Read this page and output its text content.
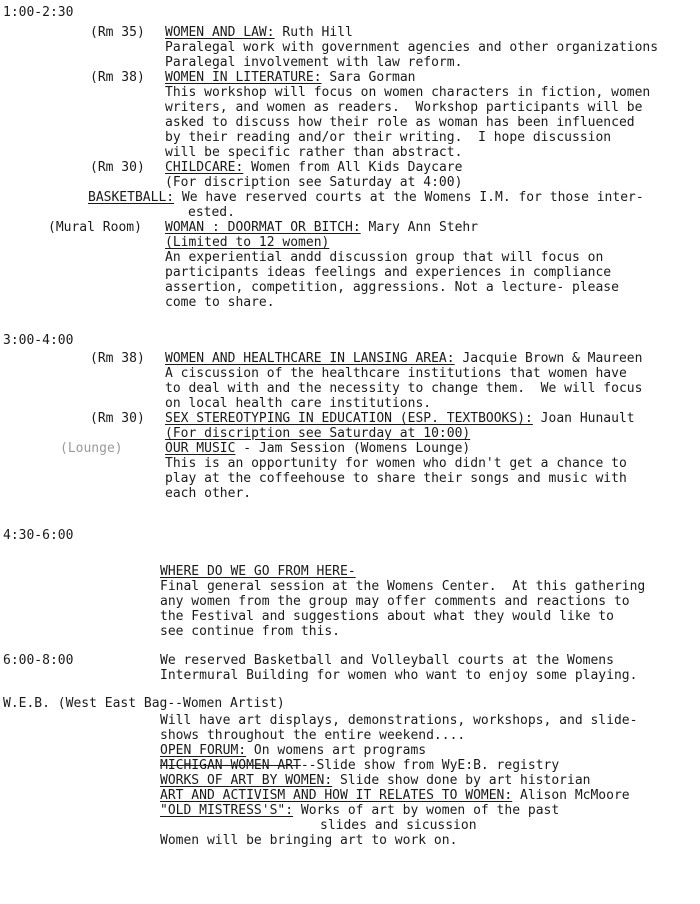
1:00-2:30
(Rm 35) WOMEN AND LAW: Ruth Hill
Paralegal work with government agencies and other organizations
Paralegal involvement with law reform.
(Rm 38) WOMEN IN LITERATURE: Sara Gorman
This workshop will focus on women characters in fiction, women
writers, and women as readers.  Workshop participants will be
asked to discuss how their role as woman has been influenced
by their reading and/or their writing.  I hope discussion
will be specific rather than abstract.
(Rm 30) CHILDCARE: Women from All Kids Daycare
(For discription see Saturday at 4:00)
BASKETBALL: We have reserved courts at the Womens I.M. for those inter-
ested.
(Mural Room) WOMAN : DOORMAT OR BITCH: Mary Ann Stehr
(Limited to 12 women)
An experiential andd discussion group that will focus on
participants ideas feelings and experiences in compliance
assertion, competition, aggressions. Not a lecture- please
come to share.
3:00-4:00
(Rm 38) WOMEN AND HEALTHCARE IN LANSING AREA: Jacquie Brown & Maureen
A ciscussion of the healthcare institutions that women have
to deal with and the necessity to change them.  We will focus
on local health care institutions.
(Rm 30) SEX STEREOTYPING IN EDUCATION (ESP. TEXTBOOKS): Joan Hunault
(For discription see Saturday at 10:00)
(Lounge)	OUR MUSIC - Jam Session (Womens Lounge)
This is an opportunity for women who didn't get a chance to
play at the coffeehouse to share their songs and music with
each other.
4:30-6:00
WHERE DO WE GO FROM HERE-
Final general session at the Womens Center.  At this gathering
any women from the group may offer comments and reactions to
the Festival and suggestions about what they would like to
see continue from this.
6:00-8:00	We reserved Basketball and Volleyball courts at the Womens
Intermural Building for women who want to enjoy some playing.
W.E.B. (West East Bag--Women Artist)
Will have art displays, demonstrations, workshops, and slide-
shows throughout the entire weekend....
OPEN FORUM: On womens art programs
MICHIGAN-WOMEN ART--Slide show from WyE:B. registry
WORKS OF ART BY WOMEN: Slide show done by art historian
ART AND ACTIVISM AND HOW IT RELATES TO WOMEN: Alison McMoore
"OLD MISTRESS'S": Works of art by women of the past
slides and sicussion
Women will be bringing art to work on.
